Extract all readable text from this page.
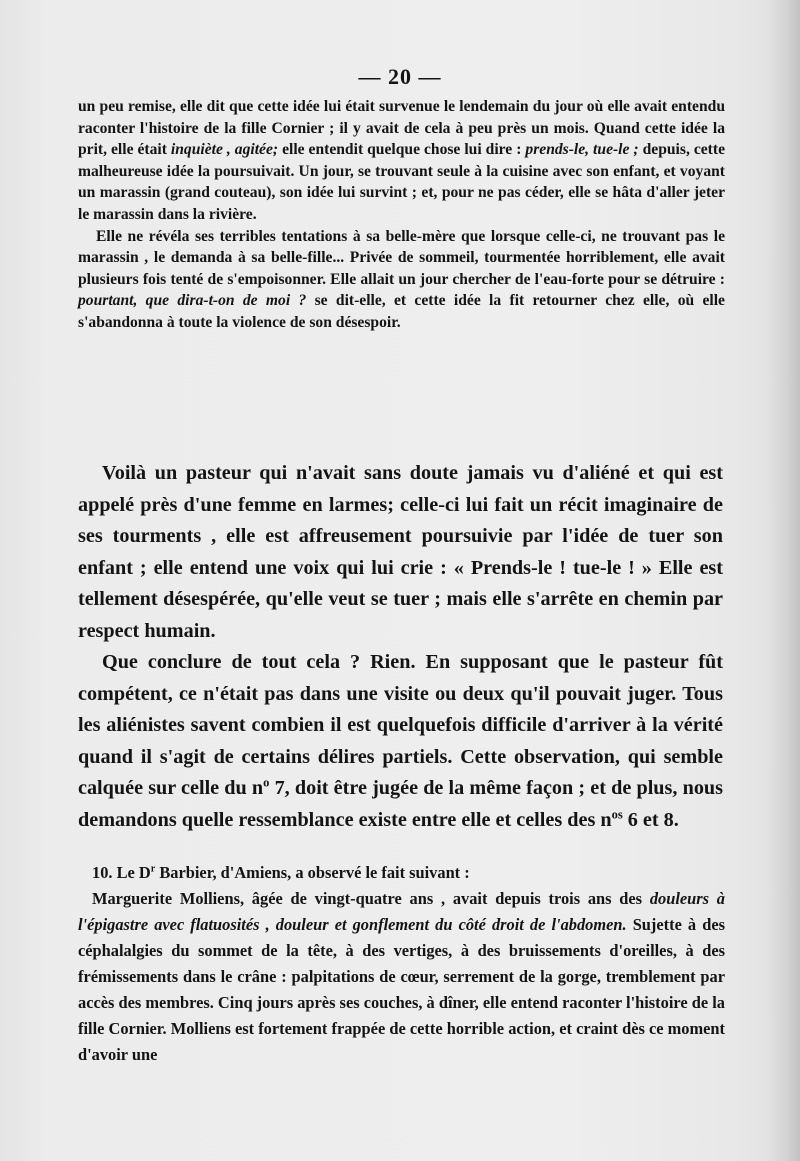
— 20 —

un peu remise, elle dit que cette idée lui était survenue le lendemain du jour où elle avait entendu raconter l'histoire de la fille Cornier ; il y avait de cela à peu près un mois. Quand cette idée la prit, elle était inquiète , agitée; elle entendit quelque chose lui dire : prends-le, tue-le ; depuis, cette malheureuse idée la poursuivait. Un jour, se trouvant seule à la cuisine avec son enfant, et voyant un marassin (grand couteau), son idée lui survint ; et, pour ne pas céder, elle se hâta d'aller jeter le marassin dans la rivière.

Elle ne révéla ses terribles tentations à sa belle-mère que lorsque celle-ci, ne trouvant pas le marassin , le demanda à sa belle-fille... Privée de sommeil, tourmentée horriblement, elle avait plusieurs fois tenté de s'empoisonner. Elle allait un jour chercher de l'eau-forte pour se détruire : pourtant, que dira-t-on de moi ? se dit-elle, et cette idée la fit retourner chez elle, où elle s'abandonna à toute la violence de son désespoir.

Voilà un pasteur qui n'avait sans doute jamais vu d'aliéné et qui est appelé près d'une femme en larmes; celle-ci lui fait un récit imaginaire de ses tourments , elle est affreusement poursuivie par l'idée de tuer son enfant ; elle entend une voix qui lui crie : « Prends-le ! tue-le ! » Elle est tellement désespérée, qu'elle veut se tuer ; mais elle s'arrête en chemin par respect humain.

Que conclure de tout cela ? Rien. En supposant que le pasteur fût compétent, ce n'était pas dans une visite ou deux qu'il pouvait juger. Tous les aliénistes savent combien il est quelquefois difficile d'arriver à la vérité quand il s'agit de certains délires partiels. Cette observation, qui semble calquée sur celle du $n^o$ 7, doit être jugée de la même façon ; et de plus, nous demandons quelle ressemblance existe entre elle et celles des $n^{os}$ 6 et 8.

10. Le $D^r$ Barbier, d'Amiens, a observé le fait suivant :

Marguerite Molliens, âgée de vingt-quatre ans , avait depuis trois ans des douleurs à l'épigastre avec flatuosités , douleur et gonflement du côté droit de l'abdomen. Sujette à des céphalalgies du sommet de la tête, à des vertiges, à des bruissements d'oreilles, à des frémissements dans le crâne : palpitations de cœur, serrement de la gorge, tremblement par accès des membres. Cinq jours après ses couches, à dîner, elle entend raconter l'histoire de la fille Cornier. Molliens est fortement frappée de cette horrible action, et craint dès ce moment d'avoir une
